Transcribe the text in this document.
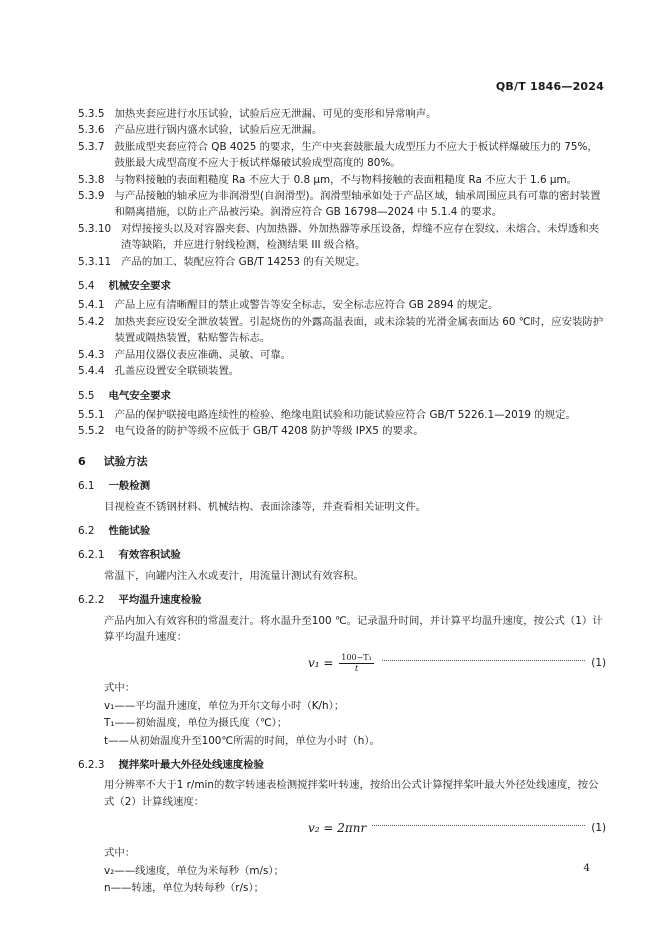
QB/T 1846—2024
5.3.5 加热夹套应进行水压试验，试验后应无泄漏、可见的变形和异常响声。
5.3.6 产品应进行锅内盛水试验，试验后应无泄漏。
5.3.7 鼓胀成型夹套应符合 QB 4025 的要求，生产中夹套鼓胀最大成型压力不应大于板试样爆破压力的 75%，鼓胀最大成型高度不应大于板试样爆破试验成型高度的 80%。
5.3.8 与物料接触的表面粗糙度 Ra 不应大于 0.8 μm，不与物料接触的表面粗糙度 Ra 不应大于 1.6 μm。
5.3.9 与产品接触的轴承应为非润滑型(自润滑型)。润滑型轴承如处于产品区域，轴承周围应具有可靠的密封装置和隔离措施，以防止产品被污染。润滑应符合 GB 16798—2024 中 5.1.4 的要求。
5.3.10 对焊接接头以及对容器夹套、内加热器、外加热器等承压设备，焊缝不应存在裂纹、未熔合、未焊透和夹渣等缺陷，并应进行射线检测，检测结果 III 级合格。
5.3.11 产品的加工、装配应符合 GB/T 14253 的有关规定。
5.4 机械安全要求
5.4.1 产品上应有清晰醒目的禁止或警告等安全标志，安全标志应符合 GB 2894 的规定。
5.4.2 加热夹套应设安全泄放装置。引起烧伤的外露高温表面，或未涂装的光滑金属表面达 60 ℃时，应安装防护装置或隔热装置，粘贴警告标志。
5.4.3 产品用仪器仪表应准确、灵敏、可靠。
5.4.4 孔盖应设置安全联锁装置。
5.5 电气安全要求
5.5.1 产品的保护联接电路连续性的检验、绝缘电阻试验和功能试验应符合 GB/T 5226.1—2019 的规定。
5.5.2 电气设备的防护等级不应低于 GB/T 4208 防护等级 IPX5 的要求。
6 试验方法
6.1 一般检测
目视检查不锈钢材料、机械结构、表面涂漆等，并查看相关证明文件。
6.2 性能试验
6.2.1 有效容积试验
常温下，向罐内注入水或麦汁，用流量计测试有效容积。
6.2.2 平均温升速度检验
产品内加入有效容积的常温麦汁。将水温升至100 ℃。记录温升时间，并计算平均温升速度，按公式（1）计算平均温升速度：
$v_1 = \frac{\text{100−T₁}}{t}$	(1)
式中：
v₁——平均温升速度，单位为开尔文每小时（K/h）；
T₁——初始温度，单位为摄氏度（℃）；
t——从初始温度升至100℃所需的时间，单位为小时（h）。
6.2.3 搅拌桨叶最大外径处线速度检验
用分辨率不大于1 r/min的数字转速表检测搅拌桨叶转速，按给出公式计算搅拌桨叶最大外径处线速度，按公式（2）计算线速度：
v₂ = 2πnr	(1)
式中：
v₂——线速度，单位为米每秒（m/s）；
n——转速，单位为转每秒（r/s）；
4
